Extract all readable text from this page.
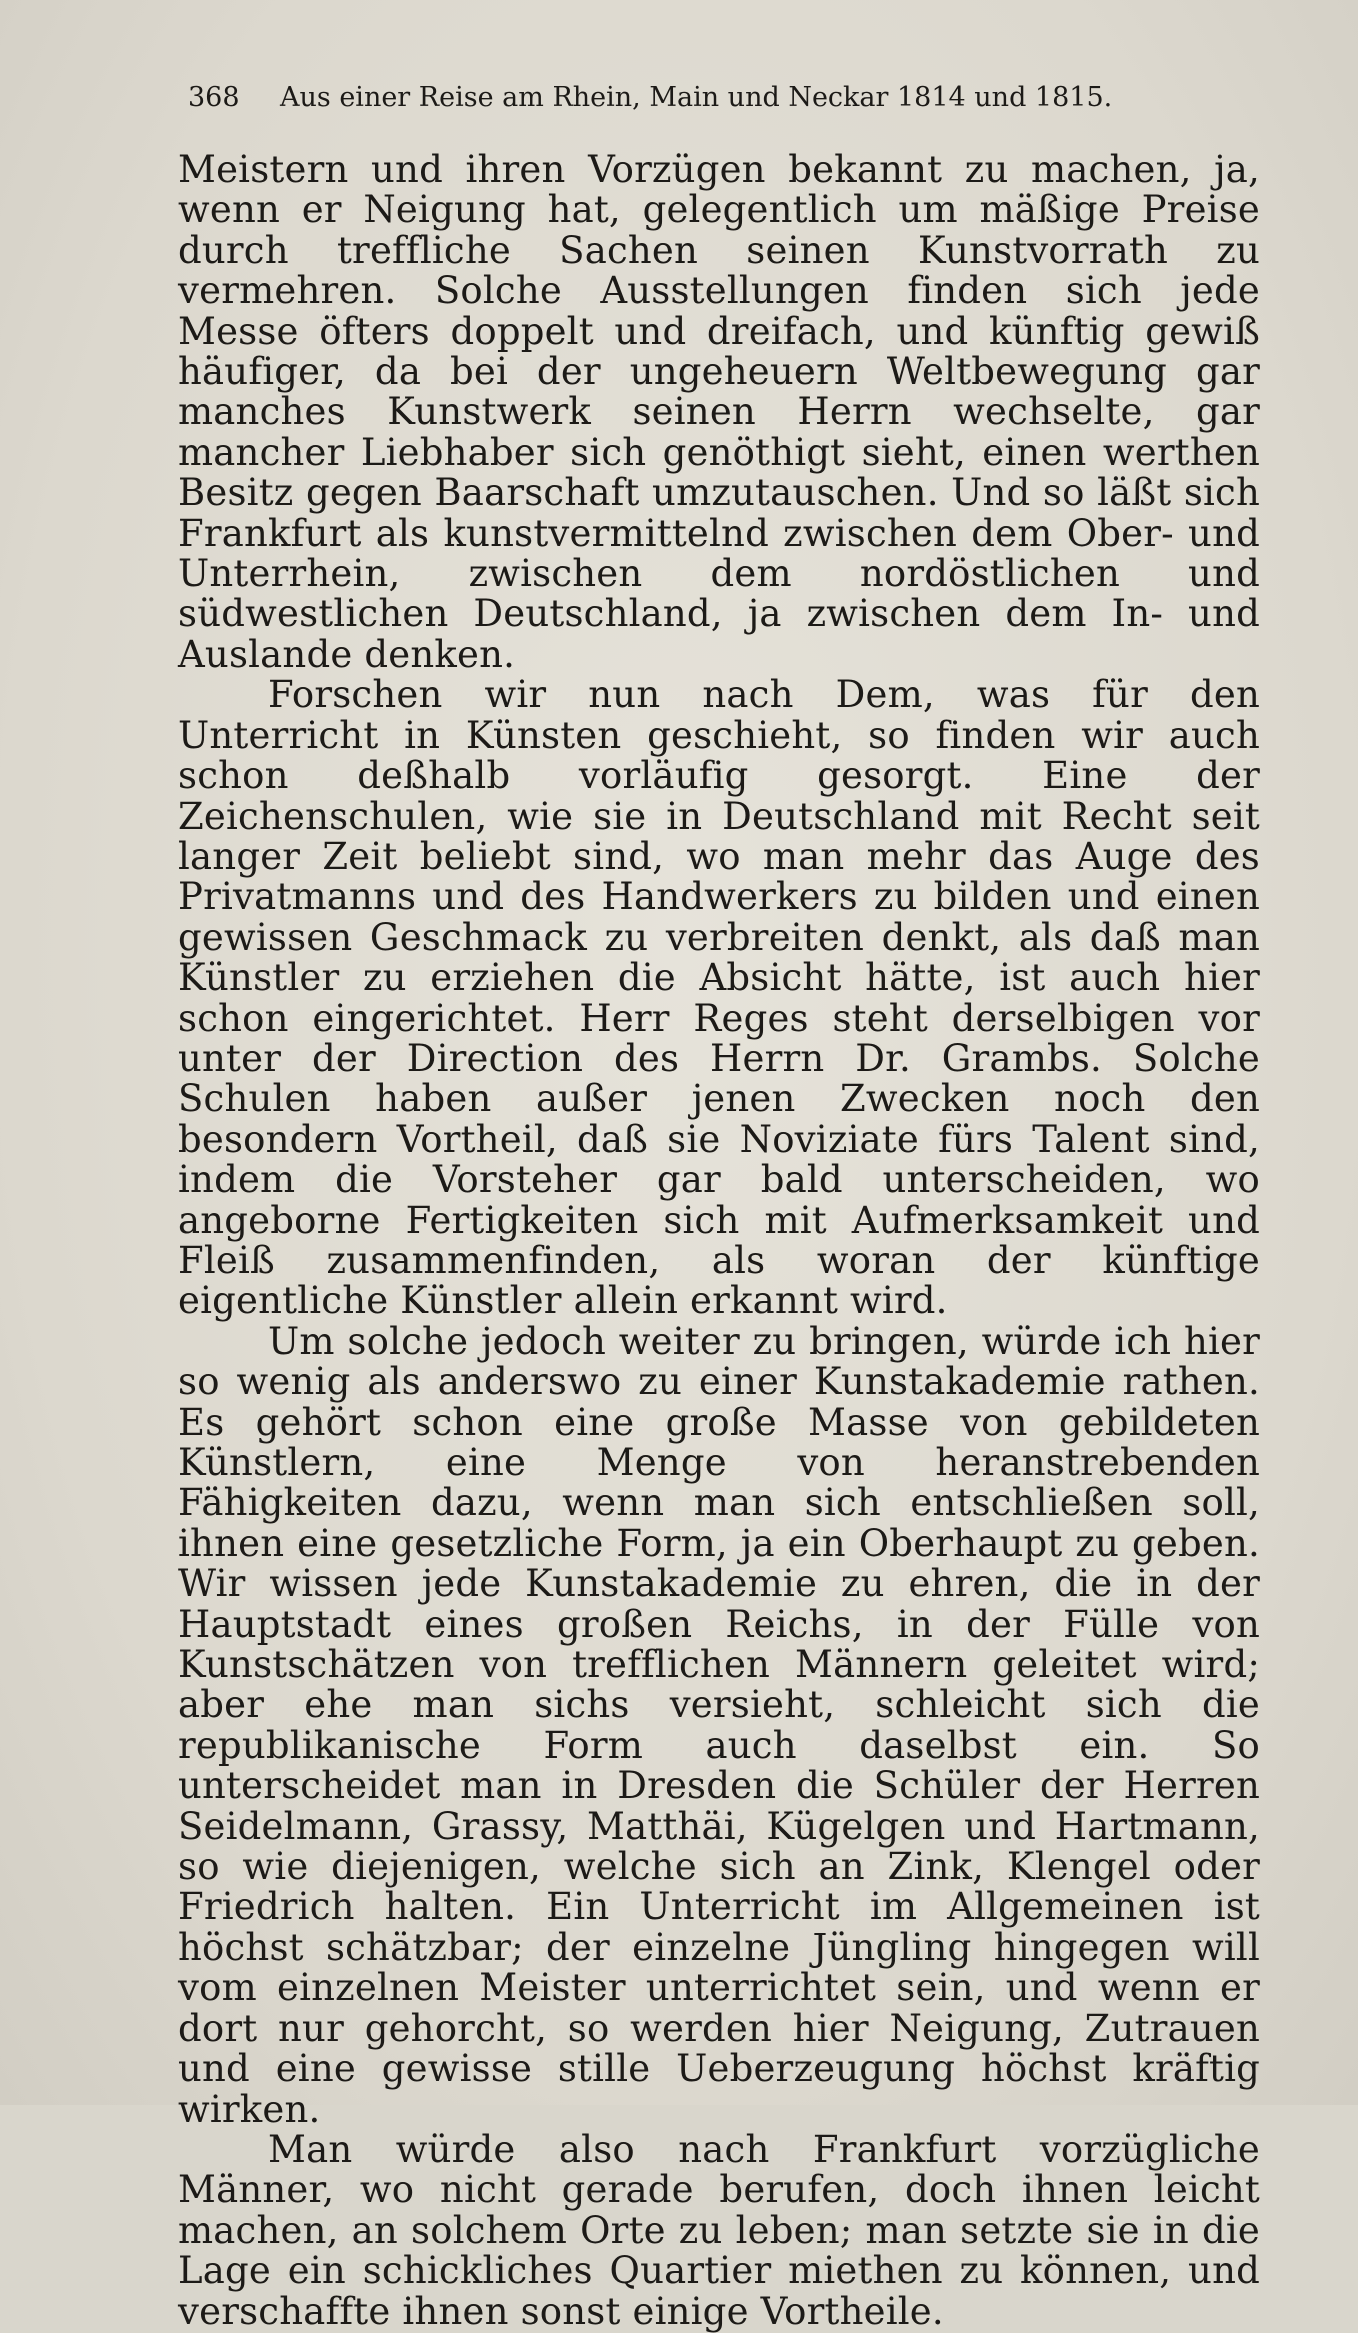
368	Aus einer Reise am Rhein, Main und Neckar 1814 und 1815.

Meistern und ihren Vorzügen bekannt zu machen, ja, wenn er Neigung hat, gelegentlich um mäßige Preise durch treffliche Sachen seinen Kunstvorrath zu vermehren. Solche Ausstellungen finden sich jede Messe öfters doppelt und dreifach, und künftig gewiß häufiger, da bei der ungeheuern Weltbewegung gar manches Kunstwerk seinen Herrn wechselte, gar mancher Liebhaber sich genöthigt sieht, einen werthen Besitz gegen Baarschaft umzutauschen. Und so läßt sich Frankfurt als kunstvermittelnd zwischen dem Ober- und Unterrhein, zwischen dem nordöstlichen und südwestlichen Deutschland, ja zwischen dem In- und Auslande denken.

Forschen wir nun nach Dem, was für den Unterricht in Künsten geschieht, so finden wir auch schon deßhalb vorläufig gesorgt. Eine der Zeichenschulen, wie sie in Deutschland mit Recht seit langer Zeit beliebt sind, wo man mehr das Auge des Privatmanns und des Handwerkers zu bilden und einen gewissen Geschmack zu verbreiten denkt, als daß man Künstler zu erziehen die Absicht hätte, ist auch hier schon eingerichtet. Herr Reges steht derselbigen vor unter der Direction des Herrn Dr. Grambs. Solche Schulen haben außer jenen Zwecken noch den besondern Vortheil, daß sie Noviziate fürs Talent sind, indem die Vorsteher gar bald unterscheiden, wo angeborne Fertigkeiten sich mit Aufmerksamkeit und Fleiß zusammenfinden, als woran der künftige eigentliche Künstler allein erkannt wird.

Um solche jedoch weiter zu bringen, würde ich hier so wenig als anderswo zu einer Kunstakademie rathen. Es gehört schon eine große Masse von gebildeten Künstlern, eine Menge von heranstrebenden Fähigkeiten dazu, wenn man sich entschließen soll, ihnen eine gesetzliche Form, ja ein Oberhaupt zu geben. Wir wissen jede Kunstakademie zu ehren, die in der Hauptstadt eines großen Reichs, in der Fülle von Kunstschätzen von trefflichen Männern geleitet wird; aber ehe man sichs versieht, schleicht sich die republikanische Form auch daselbst ein. So unterscheidet man in Dresden die Schüler der Herren Seidelmann, Grassy, Matthäi, Kügelgen und Hartmann, so wie diejenigen, welche sich an Zink, Klengel oder Friedrich halten. Ein Unterricht im Allgemeinen ist höchst schätzbar; der einzelne Jüngling hingegen will vom einzelnen Meister unterrichtet sein, und wenn er dort nur gehorcht, so werden hier Neigung, Zutrauen und eine gewisse stille Ueberzeugung höchst kräftig wirken.

Man würde also nach Frankfurt vorzügliche Männer, wo nicht gerade berufen, doch ihnen leicht machen, an solchem Orte zu leben; man setzte sie in die Lage ein schickliches Quartier miethen zu können, und verschaffte ihnen sonst einige Vortheile.
